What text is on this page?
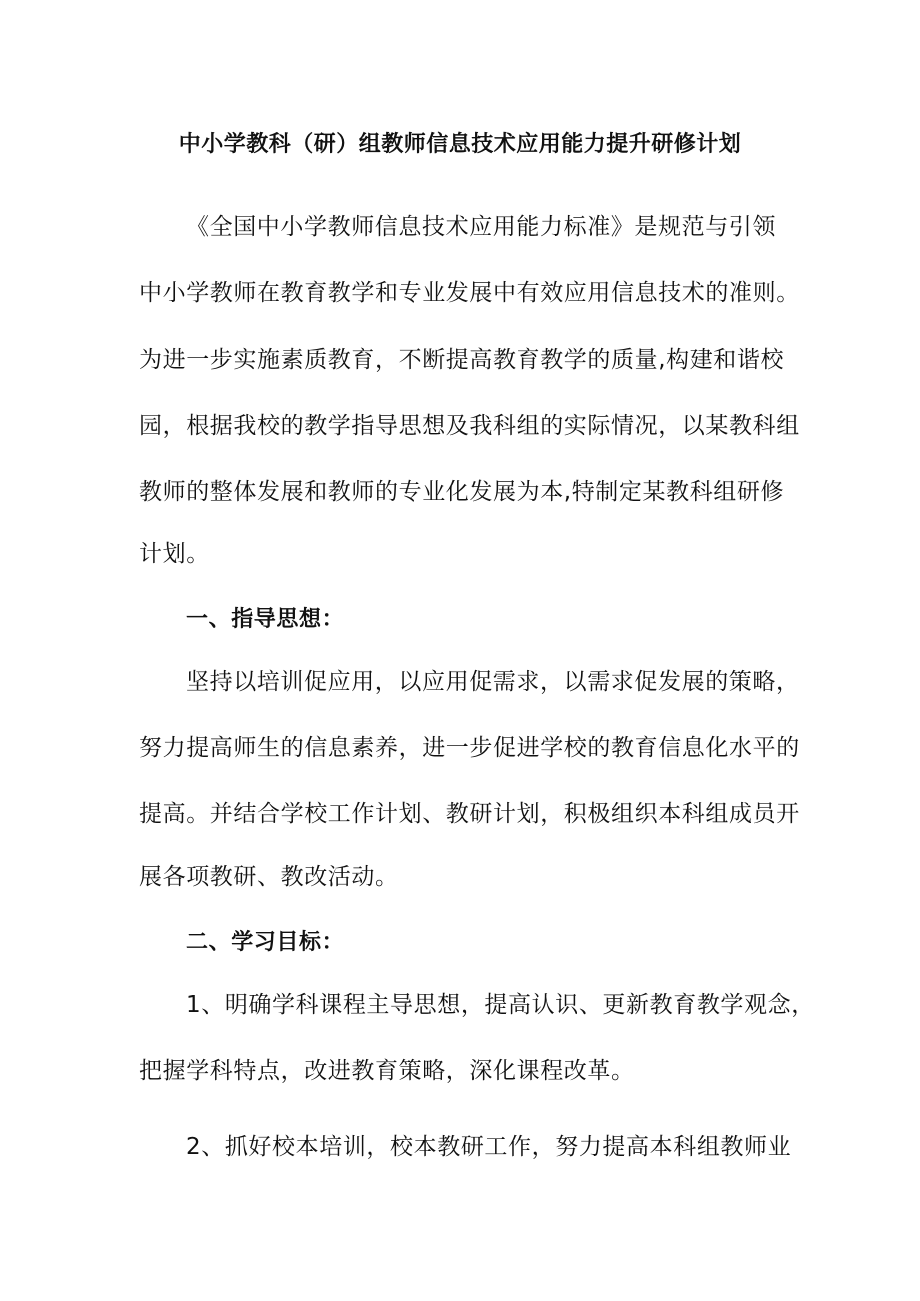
中小学教科（研）组教师信息技术应用能力提升研修计划
《全国中小学教师信息技术应用能力标准》是规范与引领
中小学教师在教育教学和专业发展中有效应用信息技术的准则。
为进一步实施素质教育，不断提高教育教学的质量,构建和谐校
园，根据我校的教学指导思想及我科组的实际情况，以某教科组
教师的整体发展和教师的专业化发展为本,特制定某教科组研修
计划。
一、指导思想：
坚持以培训促应用，以应用促需求，以需求促发展的策略，
努力提高师生的信息素养，进一步促进学校的教育信息化水平的
提高。并结合学校工作计划、教研计划，积极组织本科组成员开
展各项教研、教改活动。
二、学习目标：
1、明确学科课程主导思想，提高认识、更新教育教学观念，
把握学科特点，改进教育策略，深化课程改革。
2、抓好校本培训，校本教研工作，努力提高本科组教师业
